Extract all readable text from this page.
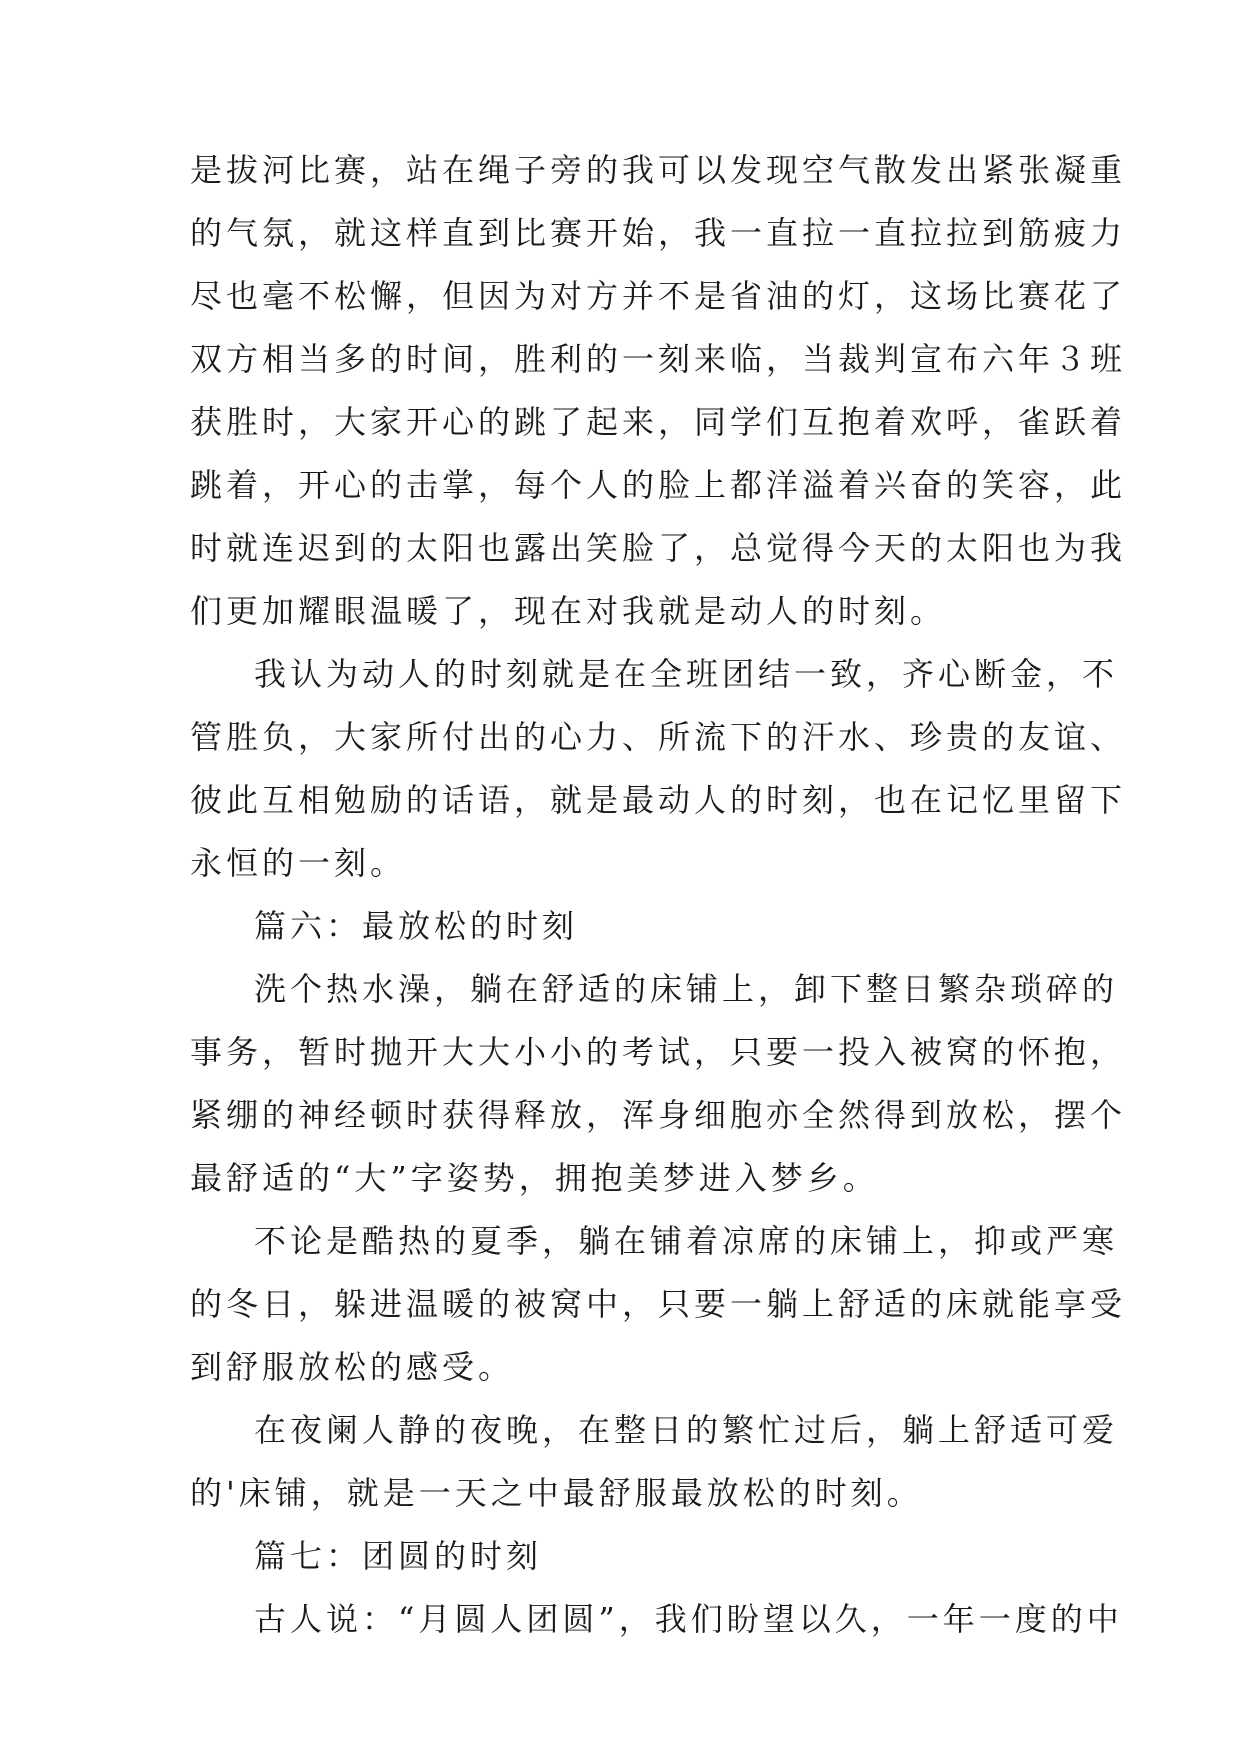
是拔河比赛，站在绳子旁的我可以发现空气散发出紧张凝重
的气氛，就这样直到比赛开始，我一直拉一直拉拉到筋疲力
尽也毫不松懈，但因为对方并不是省油的灯，这场比赛花了
双方相当多的时间，胜利的一刻来临，当裁判宣布六年３班
获胜时，大家开心的跳了起来，同学们互抱着欢呼，雀跃着
跳着，开心的击掌，每个人的脸上都洋溢着兴奋的笑容，此
时就连迟到的太阳也露出笑脸了，总觉得今天的太阳也为我
们更加耀眼温暖了，现在对我就是动人的时刻。
我认为动人的时刻就是在全班团结一致，齐心断金，不
管胜负，大家所付出的心力、所流下的汗水、珍贵的友谊、
彼此互相勉励的话语，就是最动人的时刻，也在记忆里留下
永恒的一刻。
篇六：最放松的时刻
洗个热水澡，躺在舒适的床铺上，卸下整日繁杂琐碎的
事务，暂时抛开大大小小的考试，只要一投入被窝的怀抱，
紧绷的神经顿时获得释放，浑身细胞亦全然得到放松，摆个
最舒适的“大”字姿势，拥抱美梦进入梦乡。
不论是酷热的夏季，躺在铺着凉席的床铺上，抑或严寒
的冬日，躲进温暖的被窝中，只要一躺上舒适的床就能享受
到舒服放松的感受。
在夜阑人静的夜晚，在整日的繁忙过后，躺上舒适可爱
的'床铺，就是一天之中最舒服最放松的时刻。
篇七：团圆的时刻
古人说：“月圆人团圆”，我们盼望以久，一年一度的中
